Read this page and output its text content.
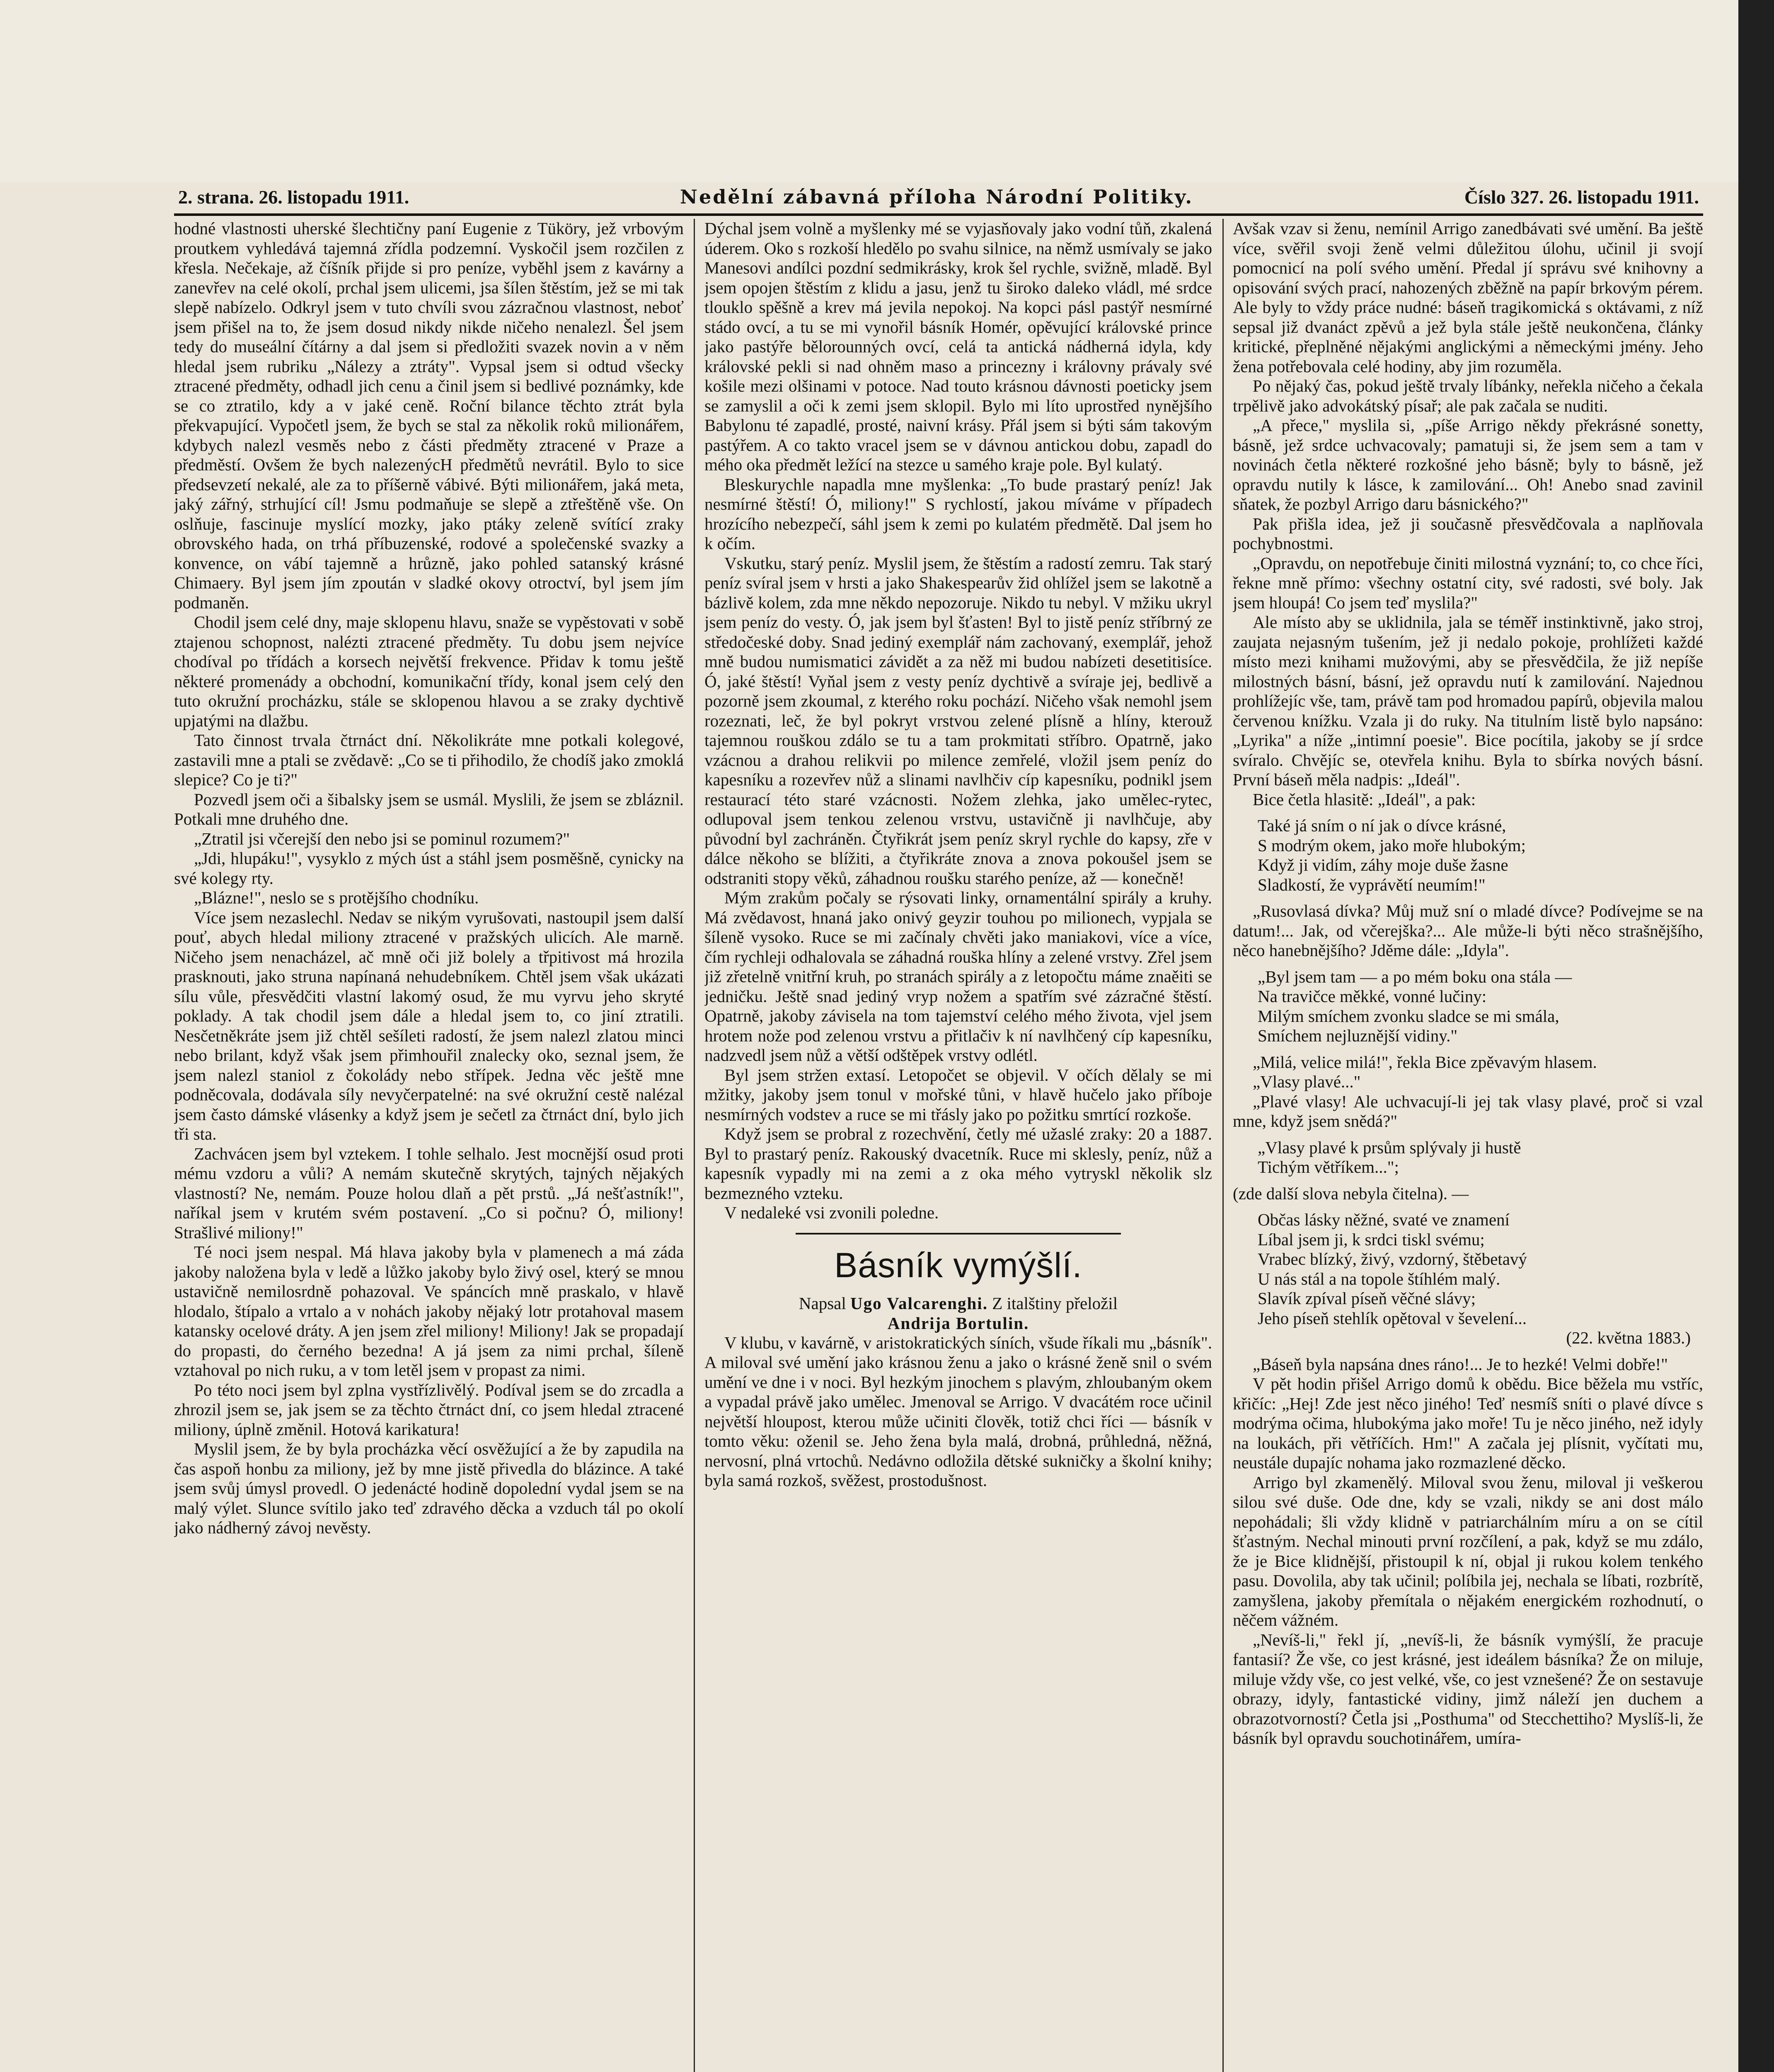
2. strana. 26. listopadu 1911.	Nedělní zábavná příloha Národní Politiky.	Číslo 327. 26. listopadu 1911.

hodné vlastnosti uherské šlechtičny paní Eugenie z Tüköry, jež vrbovým proutkem vyhledává tajemná zřídla podzemní. Vyskočil jsem rozčilen z křesla. Nečekaje, až číšník přijde si pro peníze, vyběhl jsem z kavárny a zanevřev na celé okolí, prchal jsem ulicemi, jsa šílen štěstím, jež se mi tak slepě nabízelo. Odkryl jsem v tuto chvíli svou zázračnou vlastnost, neboť jsem přišel na to, že jsem dosud nikdy nikde ničeho nenalezl. Šel jsem tedy do museální čítárny a dal jsem si předložiti svazek novin a v něm hledal jsem rubriku „Nálezy a ztráty". Vypsal jsem si odtud všecky ztracené předměty, odhadl jich cenu a činil jsem si bedlivé poznámky, kde se co ztratilo, kdy a v jaké ceně. Roční bilance těchto ztrát byla překvapující. Vypočetl jsem, že bych se stal za několik roků milionářem, kdybych nalezl vesměs nebo z části předměty ztracené v Praze a předměstí. Ovšem že bych nalezenýcH předmětů nevrátil. Bylo to sice předsevzetí nekalé, ale za to příšerně vábivé. Býti milionářem, jaká meta, jaký zářný, strhující cíl! Jsmu podmaňuje se slepě a ztřeštěně vše. On oslňuje, fascinuje myslící mozky, jako ptáky zeleně svítící zraky obrovského hada, on trhá příbuzenské, rodové a společenské svazky a konvence, on vábí tajemně a hrůzně, jako pohled satanský krásné Chimaery. Byl jsem jím zpoután v sladké okovy otroctví, byl jsem jím podmaněn.

Chodil jsem celé dny, maje sklopenu hlavu, snaže se vypěstovati v sobě ztajenou schopnost, nalézti ztracené předměty. Tu dobu jsem nejvíce chodíval po třídách a korsech největší frekvence. Přidav k tomu ještě některé promenády a obchodní, komunikační třídy, konal jsem celý den tuto okružní procházku, stále se sklopenou hlavou a se zraky dychtivě upjatými na dlažbu.

Tato činnost trvala čtrnáct dní. Několikráte mne potkali kolegové, zastavili mne a ptali se zvědavě: „Co se ti přihodilo, že chodíš jako zmoklá slepice? Co je ti?"

Pozvedl jsem oči a šibalsky jsem se usmál. Myslili, že jsem se zbláznil. Potkali mne druhého dne.

„Ztratil jsi včerejší den nebo jsi se pominul rozumem?"

„Jdi, hlupáku!", vysyklo z mých úst a stáhl jsem posměšně, cynicky na své kolegy rty.

„Blázne!", neslo se s protějšího chodníku.

Více jsem nezaslechl. Nedav se nikým vyrušovati, nastoupil jsem další pouť, abych hledal miliony ztracené v pražských ulicích. Ale marně. Ničeho jsem nenacházel, ač mně oči již bolely a třpitivost má hrozila prasknouti, jako struna napínaná nehudebníkem. Chtěl jsem však ukázati sílu vůle, přesvědčiti vlastní lakomý osud, že mu vyrvu jeho skryté poklady. A tak chodil jsem dále a hledal jsem to, co jiní ztratili. Nesčetněkráte jsem již chtěl sešíleti radostí, že jsem nalezl zlatou minci nebo brilant, když však jsem přimhouřil znalecky oko, seznal jsem, že jsem nalezl staniol z čokolády nebo střípek. Jedna věc ještě mne podněcovala, dodávala síly nevyčerpatelné: na své okružní cestě nalézal jsem často dámské vlásenky a když jsem je sečetl za čtrnáct dní, bylo jich tři sta.

Zachvácen jsem byl vztekem. I tohle selhalo. Jest mocnější osud proti mému vzdoru a vůli? A nemám skutečně skrytých, tajných nějakých vlastností? Ne, nemám. Pouze holou dlaň a pět prstů. „Já nešťastník!", naříkal jsem v krutém svém postavení. „Co si počnu? Ó, miliony! Strašlivé miliony!"

Té noci jsem nespal. Má hlava jakoby byla v plamenech a má záda jakoby naložena byla v ledě a lůžko jakoby bylo živý osel, který se mnou ustavičně nemilosrdně pohazoval. Ve spáncích mně praskalo, v hlavě hlodalo, štípalo a vrtalo a v nohách jakoby nějaký lotr protahoval masem katansky ocelové dráty. A jen jsem zřel miliony! Miliony! Jak se propadají do propasti, do černého bezedna! A já jsem za nimi prchal, šíleně vztahoval po nich ruku, a v tom letěl jsem v propast za nimi.

Po této noci jsem byl zplna vystřízlivělý. Podíval jsem se do zrcadla a zhrozil jsem se, jak jsem se za těchto čtrnáct dní, co jsem hledal ztracené miliony, úplně změnil. Hotová karikatura!

Myslil jsem, že by byla procházka věcí osvěžující a že by zapudila na čas aspoň honbu za miliony, jež by mne jistě přivedla do blázince. A také jsem svůj úmysl provedl. O jedenácté hodině dopolední vydal jsem se na malý výlet. Slunce svítilo jako teď zdravého děcka a vzduch tál po okolí jako nádherný závoj nevěsty.

Dýchal jsem volně a myšlenky mé se vyjasňovaly jako vodní tůň, zkalená úderem. Oko s rozkoší hledělo po svahu silnice, na němž usmívaly se jako Manesovi andílci pozdní sedmikrásky, krok šel rychle, svižně, mladě. Byl jsem opojen štěstím z klidu a jasu, jenž tu široko daleko vládl, mé srdce tlouklo spěšně a krev má jevila nepokoj. Na kopci pásl pastýř nesmírné stádo ovcí, a tu se mi vynořil básník Homér, opěvující královské prince jako pastýře bělorounných ovcí, celá ta antická nádherná idyla, kdy královské pekli si nad ohněm maso a princezny i královny právaly své košile mezi olšinami v potoce. Nad touto krásnou dávnosti poeticky jsem se zamyslil a oči k zemi jsem sklopil. Bylo mi líto uprostřed nynějšího Babylonu té zapadlé, prosté, naivní krásy. Přál jsem si býti sám takovým pastýřem. A co takto vracel jsem se v dávnou antickou dobu, zapadl do mého oka předmět ležící na stezce u samého kraje pole. Byl kulatý.

Bleskurychle napadla mne myšlenka: „To bude prastarý peníz! Jak nesmírné štěstí! Ó, miliony!" S rychlostí, jakou míváme v případech hrozícího nebezpečí, sáhl jsem k zemi po kulatém předmětě. Dal jsem ho k očím.

Vskutku, starý peníz. Myslil jsem, že štěstím a radostí zemru. Tak starý peníz svíral jsem v hrsti a jako Shakespearův žid ohlížel jsem se lakotně a bázlivě kolem, zda mne někdo nepozoruje. Nikdo tu nebyl. V mžiku ukryl jsem peníz do vesty. Ó, jak jsem byl šťasten! Byl to jistě peníz stříbrný ze středočeské doby. Snad jediný exemplář nám zachovaný, exemplář, jehož mně budou numismatici závidět a za něž mi budou nabízeti desetitisíce. Ó, jaké štěstí! Vyňal jsem z vesty peníz dychtivě a svíraje jej, bedlivě a pozorně jsem zkoumal, z kterého roku pochází. Ničeho však nemohl jsem rozeznati, leč, že byl pokryt vrstvou zelené plísně a hlíny, kterouž tajemnou rouškou zdálo se tu a tam prokmitati stříbro. Opatrně, jako vzácnou a drahou relikvii po milence zemřelé, vložil jsem peníz do kapesníku a rozevřev nůž a slinami navlhčiv cíp kapesníku, podnikl jsem restaurací této staré vzácnosti. Nožem zlehka, jako umělec-rytec, odlupoval jsem tenkou zelenou vrstvu, ustavičně ji navlhčuje, aby původní byl zachráněn. Čtyřikrát jsem peníz skryl rychle do kapsy, zře v dálce někoho se blížiti, a čtyřikráte znova a znova pokoušel jsem se odstraniti stopy věků, záhadnou roušku starého peníze, až — konečně!

Mým zrakům počaly se rýsovati linky, ornamentální spirály a kruhy. Má zvědavost, hnaná jako onivý geyzir touhou po milionech, vypjala se šíleně vysoko. Ruce se mi začínaly chvěti jako maniakovi, více a více, čím rychleji odhalovala se záhadná rouška hlíny a zelené vrstvy. Zřel jsem již zřetelně vnitřní kruh, po stranách spirály a z letopočtu máme znaěiti se jedničku. Ještě snad jediný vryp nožem a spatřím své zázračné štěstí. Opatrně, jakoby závisela na tom tajemství celého mého života, vjel jsem hrotem nože pod zelenou vrstvu a přitlačiv k ní navlhčený cíp kapesníku, nadzvedl jsem nůž a větší odštěpek vrstvy odlétl.

Byl jsem stržen extasí. Letopočet se objevil. V očích dělaly se mi mžitky, jakoby jsem tonul v mořské tůni, v hlavě hučelo jako příboje nesmírných vodstev a ruce se mi třásly jako po požitku smrtící rozkoše.

Když jsem se probral z rozechvění, četly mé užaslé zraky: 20 a 1887. Byl to prastarý peníz. Rakouský dvacetník. Ruce mi sklesly, peníz, nůž a kapesník vypadly mi na zemi a z oka mého vytryskl několik slz bezmezného vzteku.

V nedaleké vsi zvonili poledne.

Básník vymýšlí.
Napsal Ugo Valcarenghi. Z italštiny přeložil
Andrija Bortulin.

V klubu, v kavárně, v aristokratických síních, všude říkali mu „básník". A miloval své umění jako krásnou ženu a jako o krásné ženě snil o svém umění ve dne i v noci. Byl hezkým jinochem s plavým, zhloubaným okem a vypadal právě jako umělec. Jmenoval se Arrigo. V dvacátém roce učinil největší hloupost, kterou může učiniti člověk, totiž chci říci — básník v tomto věku: oženil se. Jeho žena byla malá, drobná, průhledná, něžná, nervosní, plná vrtochů. Nedávno odložila dětské sukničky a školní knihy; byla samá rozkoš, svěžest, prostodušnost.

Avšak vzav si ženu, nemínil Arrigo zanedbávati své umění. Ba ještě více, svěřil svoji ženě velmi důležitou úlohu, učinil ji svojí pomocnicí na polí svého umění. Předal jí správu své knihovny a opisování svých prací, nahozených zběžně na papír brkovým pérem. Ale byly to vždy práce nudné: báseň tragikomická s oktávami, z níž sepsal již dvanáct zpěvů a jež byla stále ještě neukončena, články kritické, přeplněné nějakými anglickými a německými jmény. Jeho žena potřebovala celé hodiny, aby jim rozuměla.

Po nějaký čas, pokud ještě trvaly líbánky, neřekla ničeho a čekala trpělivě jako advokátský písař; ale pak začala se nuditi.

„A přece," myslila si, „píše Arrigo někdy překrásné sonetty, básně, jež srdce uchvacovaly; pamatuji si, že jsem sem a tam v novinách četla některé rozkošné jeho básně; byly to básně, jež opravdu nutily k lásce, k zamilování... Oh! Anebo snad zavinil sňatek, že pozbyl Arrigo daru básnického?"

Pak přišla idea, jež ji současně přesvědčovala a naplňovala pochybnostmi.

„Opravdu, on nepotřebuje činiti milostná vyznání; to, co chce říci, řekne mně přímo: všechny ostatní city, své radosti, své boly. Jak jsem hloupá! Co jsem teď myslila?"

Ale místo aby se uklidnila, jala se téměř instinktivně, jako stroj, zaujata nejasným tušením, jež ji nedalo pokoje, prohlížeti každé místo mezi knihami mužovými, aby se přesvědčila, že již nepíše milostných básní, básní, jež opravdu nutí k zamilování. Najednou prohlížejíc vše, tam, právě tam pod hromadou papírů, objevila malou červenou knížku. Vzala ji do ruky. Na titulním listě bylo napsáno: „Lyrika" a níže „intimní poesie". Bice pocítila, jakoby se jí srdce svíralo. Chvějíc se, otevřela knihu. Byla to sbírka nových básní. První báseň měla nadpis: „Ideál".

Bice četla hlasitě: „Ideál", a pak:

Také já sním o ní jak o dívce krásné,
S modrým okem, jako moře hlubokým;
Když ji vidím, záhy moje duše žasne
Sladkostí, že vyprávětí neumím!"

„Rusovlasá dívka? Můj muž sní o mladé dívce? Podívejme se na datum!... Jak, od včerejška?... Ale může-li býti něco strašnějšího, něco hanebnějšího? Jděme dále: „Idyla".

„Byl jsem tam — a po mém boku ona stála —
Na travičce měkké, vonné lučiny:
Milým smíchem zvonku sladce se mi smála,
Smíchem nejluznější vidiny."

„Milá, velice milá!", řekla Bice zpěvavým hlasem.

„Vlasy plavé..."

„Plavé vlasy! Ale uchvacují-li jej tak vlasy plavé, proč si vzal mne, když jsem snědá?"

„Vlasy plavé k prsům splývaly ji hustě
Tichým větříkem...";

(zde další slova nebyla čitelna). —

Občas lásky něžné, svaté ve znamení
Líbal jsem ji, k srdci tiskl svému;
Vrabec blízký, živý, vzdorný, štěbetavý
U nás stál a na topole štíhlém malý.
Slavík zpíval píseň věčné slávy;
Jeho píseň stehlík opětoval v ševelení...
(22. května 1883.)

„Báseň byla napsána dnes ráno!... Je to hezké! Velmi dobře!"

V pět hodin přišel Arrigo domů k obědu. Bice běžela mu vstříc, křičíc: „Hej! Zde jest něco jiného! Teď nesmíš sníti o plavé dívce s modrýma očima, hlubokýma jako moře! Tu je něco jiného, než idyly na loukách, při větříčích. Hm!" A začala jej plísnit, vyčítati mu, neustále dupajíc nohama jako rozmazlené děcko.

Arrigo byl zkamenělý. Miloval svou ženu, miloval ji veškerou silou své duše. Ode dne, kdy se vzali, nikdy se ani dost málo nepohádali; šli vždy klidně v patriarchálním míru a on se cítil šťastným. Nechal minouti první rozčílení, a pak, když se mu zdálo, že je Bice klidnější, přistoupil k ní, objal ji rukou kolem tenkého pasu. Dovolila, aby tak učinil; políbila jej, nechala se líbati, rozbrítě, zamyšlena, jakoby přemítala o nějakém energickém rozhodnutí, o něčem vážném.

„Nevíš-li," řekl jí, „nevíš-li, že básník vymýšlí, že pracuje fantasií? Že vše, co jest krásné, jest ideálem básníka? Že on miluje, miluje vždy vše, co jest velké, vše, co jest vznešené? Že on sestavuje obrazy, idyly, fantastické vidiny, jimž náleží jen duchem a obrazotvorností? Četla jsi „Posthuma" od Stecchettiho? Myslíš-li, že básník byl opravdu souchotinářem, umíra-
